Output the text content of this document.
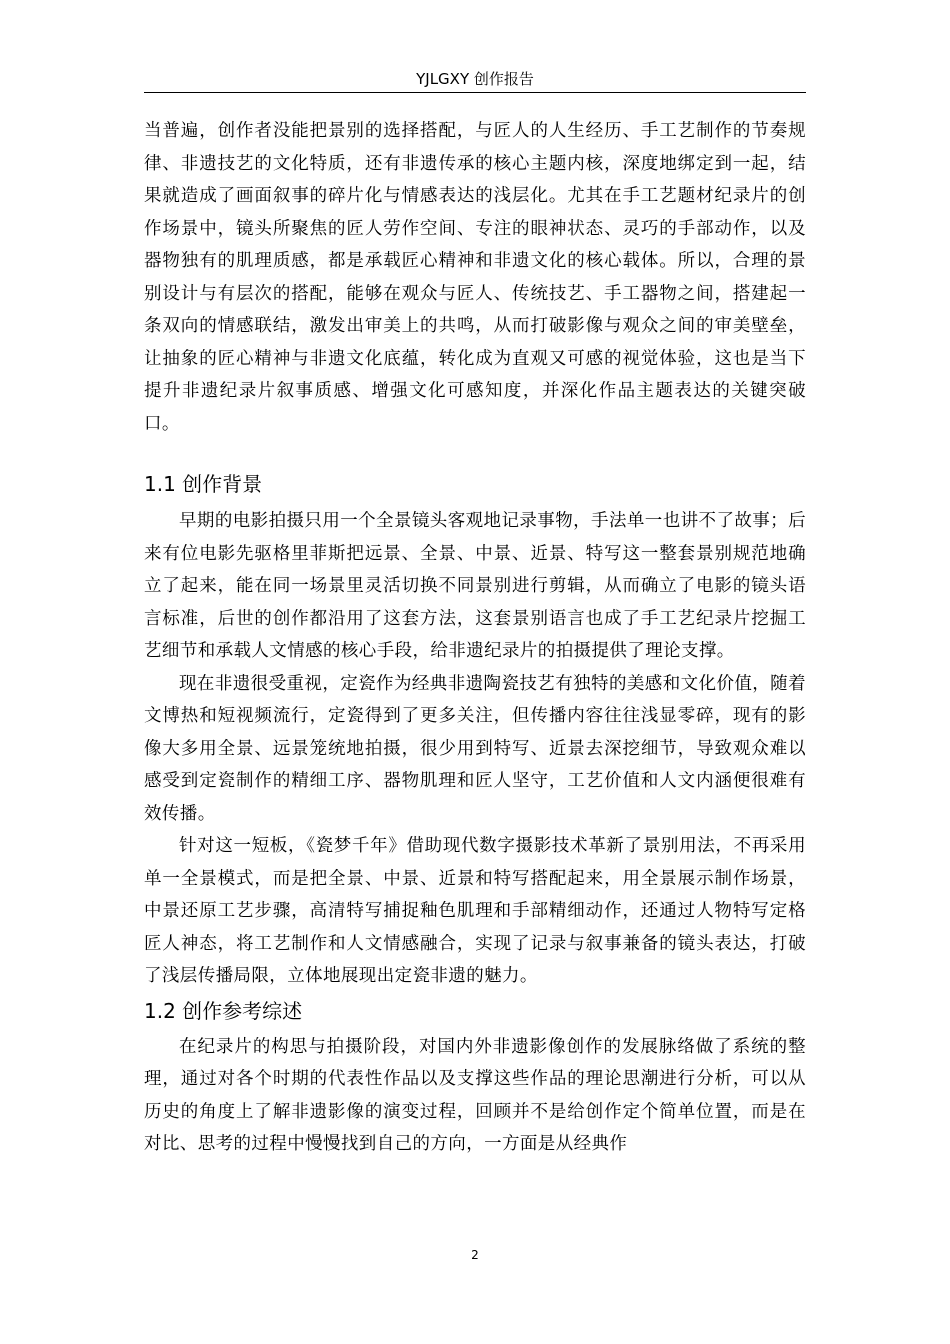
YJLGXY 创作报告

当普遍，创作者没能把景别的选择搭配，与匠人的人生经历、手工艺制作的节奏规律、非遗技艺的文化特质，还有非遗传承的核心主题内核，深度地绑定到一起，结果就造成了画面叙事的碎片化与情感表达的浅层化。尤其在手工艺题材纪录片的创作场景中，镜头所聚焦的匠人劳作空间、专注的眼神状态、灵巧的手部动作，以及器物独有的肌理质感，都是承载匠心精神和非遗文化的核心载体。所以，合理的景别设计与有层次的搭配，能够在观众与匠人、传统技艺、手工器物之间，搭建起一条双向的情感联结，激发出审美上的共鸣，从而打破影像与观众之间的审美壁垒，让抽象的匠心精神与非遗文化底蕴，转化成为直观又可感的视觉体验，这也是当下提升非遗纪录片叙事质感、增强文化可感知度，并深化作品主题表达的关键突破口。

1.1 创作背景

早期的电影拍摄只用一个全景镜头客观地记录事物，手法单一也讲不了故事；后来有位电影先驱格里菲斯把远景、全景、中景、近景、特写这一整套景别规范地确立了起来，能在同一场景里灵活切换不同景别进行剪辑，从而确立了电影的镜头语言标准，后世的创作都沿用了这套方法，这套景别语言也成了手工艺纪录片挖掘工艺细节和承载人文情感的核心手段，给非遗纪录片的拍摄提供了理论支撑。

现在非遗很受重视，定瓷作为经典非遗陶瓷技艺有独特的美感和文化价值，随着文博热和短视频流行，定瓷得到了更多关注，但传播内容往往浅显零碎，现有的影像大多用全景、远景笼统地拍摄，很少用到特写、近景去深挖细节，导致观众难以感受到定瓷制作的精细工序、器物肌理和匠人坚守，工艺价值和人文内涵便很难有效传播。

针对这一短板，《瓷梦千年》借助现代数字摄影技术革新了景别用法，不再采用单一全景模式，而是把全景、中景、近景和特写搭配起来，用全景展示制作场景，中景还原工艺步骤，高清特写捕捉釉色肌理和手部精细动作，还通过人物特写定格匠人神态，将工艺制作和人文情感融合，实现了记录与叙事兼备的镜头表达，打破了浅层传播局限，立体地展现出定瓷非遗的魅力。

1.2 创作参考综述

在纪录片的构思与拍摄阶段，对国内外非遗影像创作的发展脉络做了系统的整理，通过对各个时期的代表性作品以及支撑这些作品的理论思潮进行分析，可以从历史的角度上了解非遗影像的演变过程，回顾并不是给创作定个简单位置，而是在对比、思考的过程中慢慢找到自己的方向，一方面是从经典作

2
